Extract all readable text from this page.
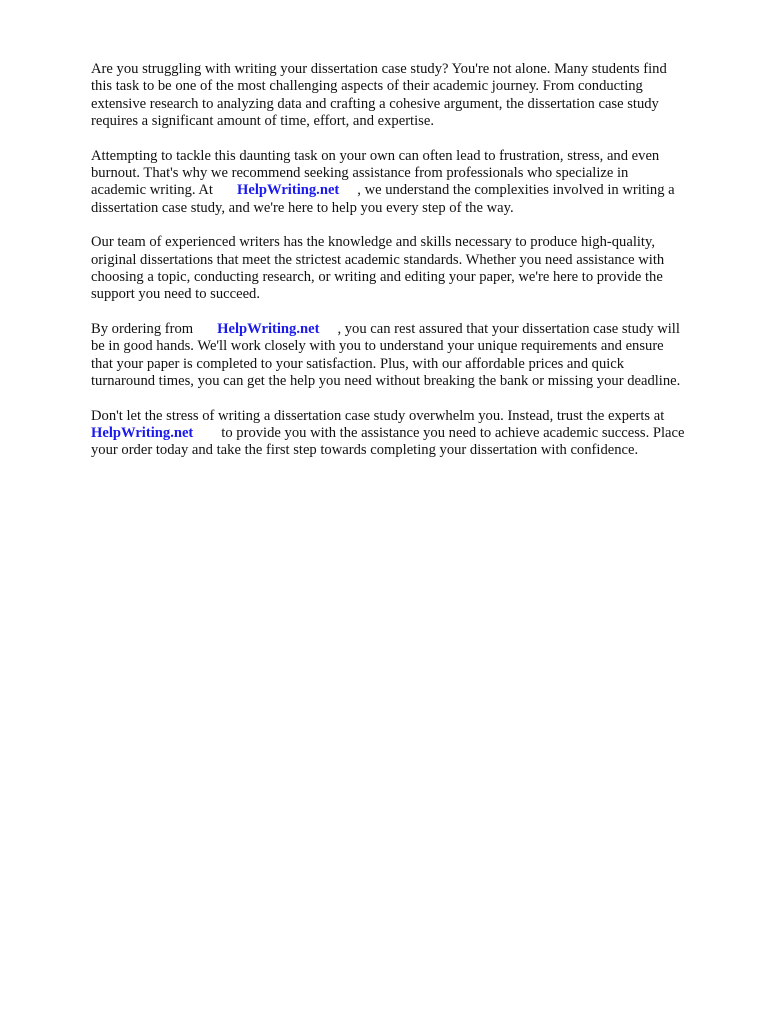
Are you struggling with writing your dissertation case study? You're not alone. Many students find
this task to be one of the most challenging aspects of their academic journey. From conducting
extensive research to analyzing data and crafting a cohesive argument, the dissertation case study
requires a significant amount of time, effort, and expertise.

Attempting to tackle this daunting task on your own can often lead to frustration, stress, and even
burnout. That's why we recommend seeking assistance from professionals who specialize in
academic writing. At HelpWriting.net , we understand the complexities involved in writing a
dissertation case study, and we're here to help you every step of the way.

Our team of experienced writers has the knowledge and skills necessary to produce high-quality,
original dissertations that meet the strictest academic standards. Whether you need assistance with
choosing a topic, conducting research, or writing and editing your paper, we're here to provide the
support you need to succeed.

By ordering from HelpWriting.net , you can rest assured that your dissertation case study will
be in good hands. We'll work closely with you to understand your unique requirements and ensure
that your paper is completed to your satisfaction. Plus, with our affordable prices and quick
turnaround times, you can get the help you need without breaking the bank or missing your deadline.

Don't let the stress of writing a dissertation case study overwhelm you. Instead, trust the experts at
HelpWriting.net to provide you with the assistance you need to achieve academic success. Place
your order today and take the first step towards completing your dissertation with confidence.
